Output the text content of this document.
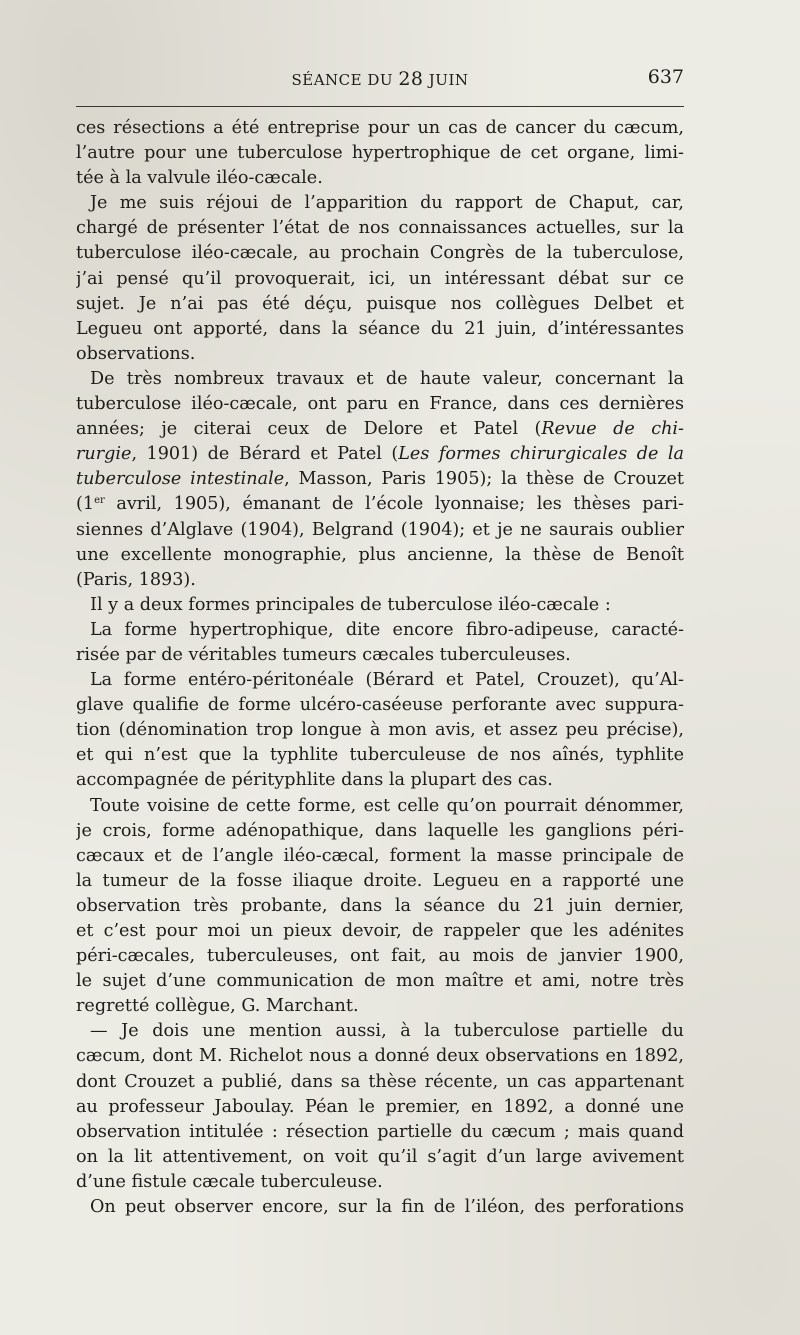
SÉANCE DU 28 JUIN	637
ces résections a été entreprise pour un cas de cancer du cæcum,
l’autre pour une tuberculose hypertrophique de cet organe, limi-
tée à la valvule iléo-cæcale.
Je me suis réjoui de l’apparition du rapport de Chaput, car,
chargé de présenter l’état de nos connaissances actuelles, sur la
tuberculose iléo-cæcale, au prochain Congrès de la tuberculose,
j’ai pensé qu’il provoquerait, ici, un intéressant débat sur ce
sujet. Je n’ai pas été déçu, puisque nos collègues Delbet et
Legueu ont apporté, dans la séance du 21 juin, d’intéressantes
observations.
De très nombreux travaux et de haute valeur, concernant la
tuberculose iléo-cæcale, ont paru en France, dans ces dernières
années; je citerai ceux de Delore et Patel (Revue de chi-
rurgie, 1901) de Bérard et Patel (Les formes chirurgicales de la
tuberculose intestinale, Masson, Paris 1905); la thèse de Crouzet
(1er avril, 1905), émanant de l’école lyonnaise; les thèses pari-
siennes d’Alglave (1904), Belgrand (1904); et je ne saurais oublier
une excellente monographie, plus ancienne, la thèse de Benoît
(Paris, 1893).
Il y a deux formes principales de tuberculose iléo-cæcale :
La forme hypertrophique, dite encore fibro-adipeuse, caracté-
risée par de véritables tumeurs cæcales tuberculeuses.
La forme entéro-péritonéale (Bérard et Patel, Crouzet), qu’Al-
glave qualifie de forme ulcéro-caséeuse perforante avec suppura-
tion (dénomination trop longue à mon avis, et assez peu précise),
et qui n’est que la typhlite tuberculeuse de nos aînés, typhlite
accompagnée de pérityphlite dans la plupart des cas.
Toute voisine de cette forme, est celle qu’on pourrait dénommer,
je crois, forme adénopathique, dans laquelle les ganglions péri-
cæcaux et de l’angle iléo-cæcal, forment la masse principale de
la tumeur de la fosse iliaque droite. Legueu en a rapporté une
observation très probante, dans la séance du 21 juin dernier,
et c’est pour moi un pieux devoir, de rappeler que les adénites
péri-cæcales, tuberculeuses, ont fait, au mois de janvier 1900,
le sujet d’une communication de mon maître et ami, notre très
regretté collègue, G. Marchant.
— Je dois une mention aussi, à la tuberculose partielle du
cæcum, dont M. Richelot nous a donné deux observations en 1892,
dont Crouzet a publié, dans sa thèse récente, un cas appartenant
au professeur Jaboulay. Péan le premier, en 1892, a donné une
observation intitulée : résection partielle du cæcum ; mais quand
on la lit attentivement, on voit qu’il s’agit d’un large avivement
d’une fistule cæcale tuberculeuse.
On peut observer encore, sur la fin de l’iléon, des perforations
